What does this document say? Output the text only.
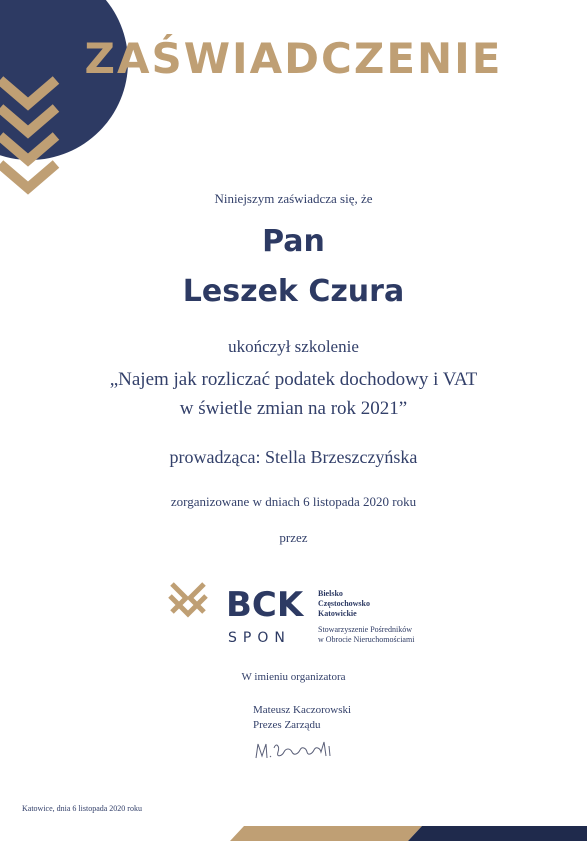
ZAŚWIADCZENIE
Niniejszym zaświadcza się, że
Pan
Leszek Czura
ukończył szkolenie
„Najem jak rozliczać podatek dochodowy i VAT
w świetle zmian na rok 2021”
prowadząca: Stella Brzeszczyńska
zorganizowane w dniach 6 listopada 2020 roku
przez
BCK
SPON
Bielsko
Częstochowsko
Katowickie
Stowarzyszenie Pośredników
w Obrocie Nieruchomościami
W imieniu organizatora
Mateusz Kaczorowski
Prezes Zarządu
Katowice, dnia 6 listopada 2020 roku
